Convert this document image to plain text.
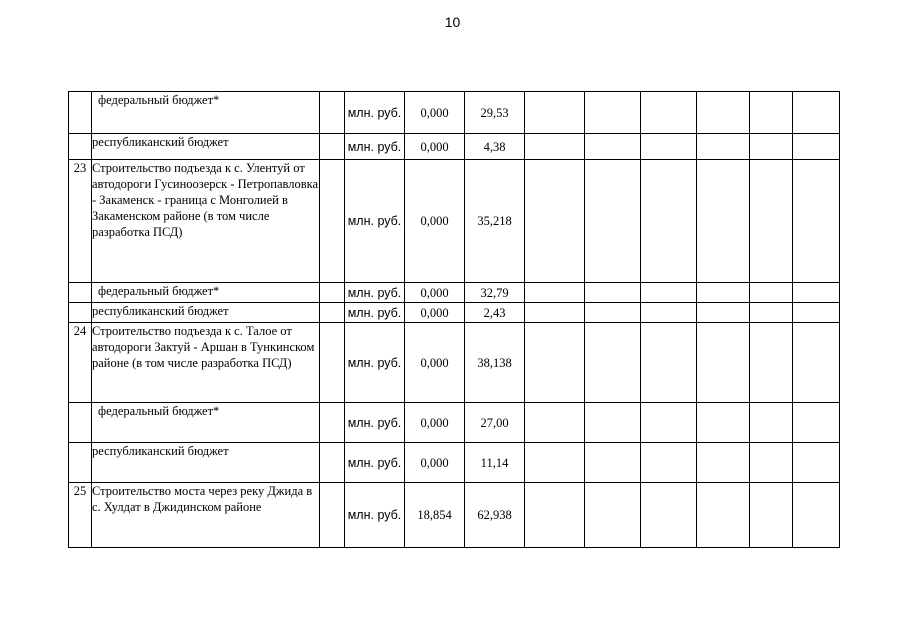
10
	федеральный бюджет*		млн. руб.	0,000	29,53						
	республиканский бюджет		млн. руб.	0,000	4,38						
23	Строительство подъезда к с. Улентуй от автодороги Гусиноозерск - Петропавловка - Закаменск - граница с Монголией в Закаменском районе (в том числе разработка ПСД)		млн. руб.	0,000	35,218						
	федеральный бюджет*		млн. руб.	0,000	32,79						
	республиканский бюджет		млн. руб.	0,000	2,43						
24	Строительство подъезда к с. Талое от автодороги Зактуй - Аршан в Тункинском районе (в том числе разработка ПСД)		млн. руб.	0,000	38,138						
	федеральный бюджет*		млн. руб.	0,000	27,00						
	республиканский бюджет		млн. руб.	0,000	11,14						
25	Строительство моста через реку Джида в с. Хулдат в Джидинском районе		млн. руб.	18,854	62,938						
